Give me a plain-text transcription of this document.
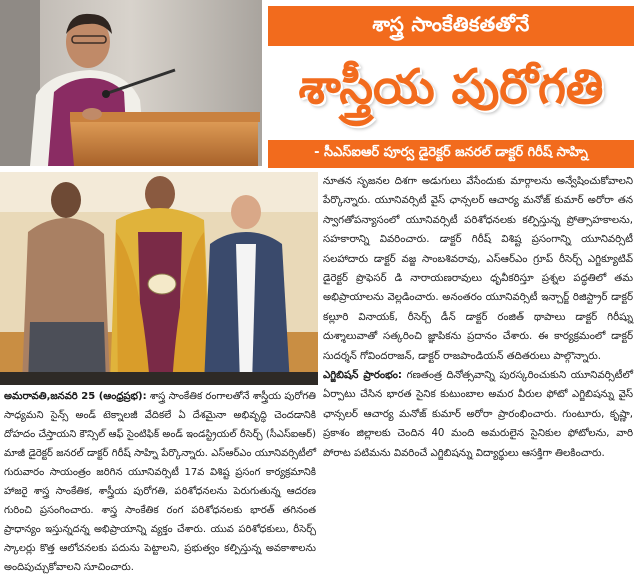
శాస్త్ర సాంకేతికతతోనే
శాస్త్రీయ పురోగతి
- సీఎస్ఐఆర్ పూర్వ డైరెక్టర్ జనరల్ డాక్టర్ గిరీష్ సాహ్ని

నూతన సృజనల దిశగా అడుగులు వేసేందుకు మార్గాలను అన్వేషించుకోవాలని పేర్కొన్నారు. యూనివర్సిటీ వైస్ ఛాన్సలర్ ఆచార్య మనోజ్ కుమార్ అరోరా తన స్వాగతోపన్యాసంలో యూనివర్సిటీ పరిశోధనలకు కల్పిస్తున్న ప్రోత్సాహకాలను, సహకారాన్ని వివరించారు. డాక్టర్ గిరీష్ విశిష్ట ప్రసంగాన్ని యూనివర్సిటీ సలహాదారు డాక్టర్ వజ్జ సాంబశివరావు, ఎస్ఆర్ఎం గ్రూప్ రీసెర్చ్ ఎగ్జిక్యూటివ్ డైరెక్టర్ ప్రొఫెసర్ డి నారాయణరావులు ధృవీకరిస్తూ ప్రశ్నల పద్ధతిలో తమ అభిప్రాయాలను వెల్లడించారు. అనంతరం యూనివర్సిటీ ఇన్చార్జ్ రిజిస్ట్రార్ డాక్టర్ కల్లూరి వినాయక్, రీసెర్చ్ డీన్ డాక్టర్ రంజిత్ థాపాలు డాక్టర్ గిరీష్ను దుశ్శాలువాతో సత్కరించి జ్ఞాపికను ప్రదానం చేశారు. ఈ కార్యక్రమంలో డాక్టర్ సుదర్శన్ గోవిందరాజన్, డాక్టర్ రాజపాండియన్ తదితరులు పాల్గొన్నారు.

ఎగ్జిబిషన్ ప్రారంభం: గణతంత్ర దినోత్సవాన్ని పురస్కరించుకుని యూనివర్సిటీలో ఏర్పాటు చేసిన భారత సైనిక కుటుంబాల అమర వీరుల ఫోటో ఎగ్జిబిషన్ను వైస్ ఛాన్సలర్ ఆచార్య మనోజ్ కుమార్ అరోరా ప్రారంభించారు. గుంటూరు, కృష్ణా, ప్రకాశం జిల్లాలకు చెందిన 40 మంది అమరులైన సైనికుల ఫోటోలను, వారి పోరాట పటిమను వివరించే ఎగ్జిబిషన్ను విద్యార్థులు ఆసక్తిగా తిలకించారు.

అమరావతి,జనవరి 25 (ఆంధ్రప్రభ): శాస్త్ర సాంకేతిక రంగాలతోనే శాస్త్రీయ పురోగతి సాధ్యమని సైన్స్ అండ్ టెక్నాలజీ వేదికలే ఏ దేశమైనా అభివృద్ధి చెందడానికి దోహదం చేస్తాయని కౌన్సిల్ ఆఫ్ సైంటిఫిక్ అండ్ ఇండస్ట్రియల్ రీసెర్చ్ (సీఎస్ఐఆర్) మాజీ డైరెక్టర్ జనరల్ డాక్టర్ గిరీష్ సాహ్ని పేర్కొన్నారు. ఎస్ఆర్ఎం యూనివర్సిటీలో గురువారం సాయంత్రం జరిగిన యూనివర్సిటీ 17వ విశిష్ట ప్రసంగ కార్యక్రమానికి హాజరై శాస్త్ర సాంకేతిక, శాస్త్రీయ పురోగతి, పరిశోధనలను పెరుగుతున్న ఆదరణ గురించి ప్రసంగించారు. శాస్త్ర సాంకేతిక రంగ పరిశోధనలకు భారత్ తగినంత ప్రాధాన్యం ఇస్తున్నదన్న అభిప్రాయాన్ని వ్యక్తం చేశారు. యువ పరిశోధకులు, రీసెర్చ్ స్కాలర్లు కొత్త ఆలోచనలకు పదును పెట్టాలని, ప్రభుత్వం కల్పిస్తున్న అవకాశాలను అందిపుచ్చుకోవాలని సూచించారు.
